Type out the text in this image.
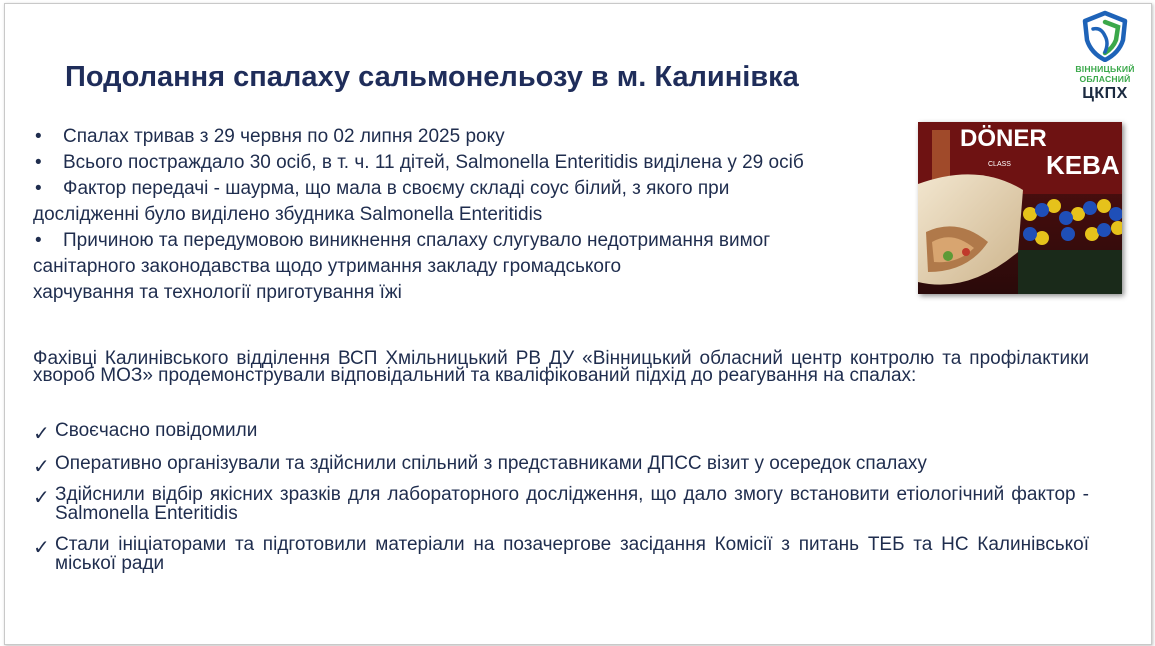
Подолання спалаху сальмонельозу в м. Калинівка	ВІННИЦЬКИЙ
ОБЛАСНИЙ
ЦКПХ

• Спалах тривав з 29 червня по 02 липня 2025 року

• Всього постраждало 30 осіб, в т. ч. 11 дітей, Salmonella Enteritidis виділена у 29 осіб

• Фактор передачі - шаурма, що мала в своєму складі соус білий, з якого при

дослідженні було виділено збудника Salmonella Enteritidis

• Причиною та передумовою виникнення спалаху слугувало недотримання вимог

санітарного законодавства щодо утримання закладу громадського

харчування та технології приготування їжі

DÖNER
KEBA
CLASS
Фахівці Калинівського відділення ВСП Хмільницький РВ ДУ «Вінницький обласний центр контролю та профілактики хвороб МОЗ» продемонстрували відповідальний та кваліфікований підхід до реагування на спалах:
✓ Своєчасно повідомили
✓ Оперативно організували та здійснили спільний з представниками ДПСС візит у осередок спалаху
✓ Здійснили відбір якісних зразків для лабораторного дослідження, що дало змогу встановити етіологічний фактор - Salmonella Enteritidis
✓ Стали ініціаторами та підготовили матеріали на позачергове засідання Комісії з питань ТЕБ та НС Калинівської міської ради
